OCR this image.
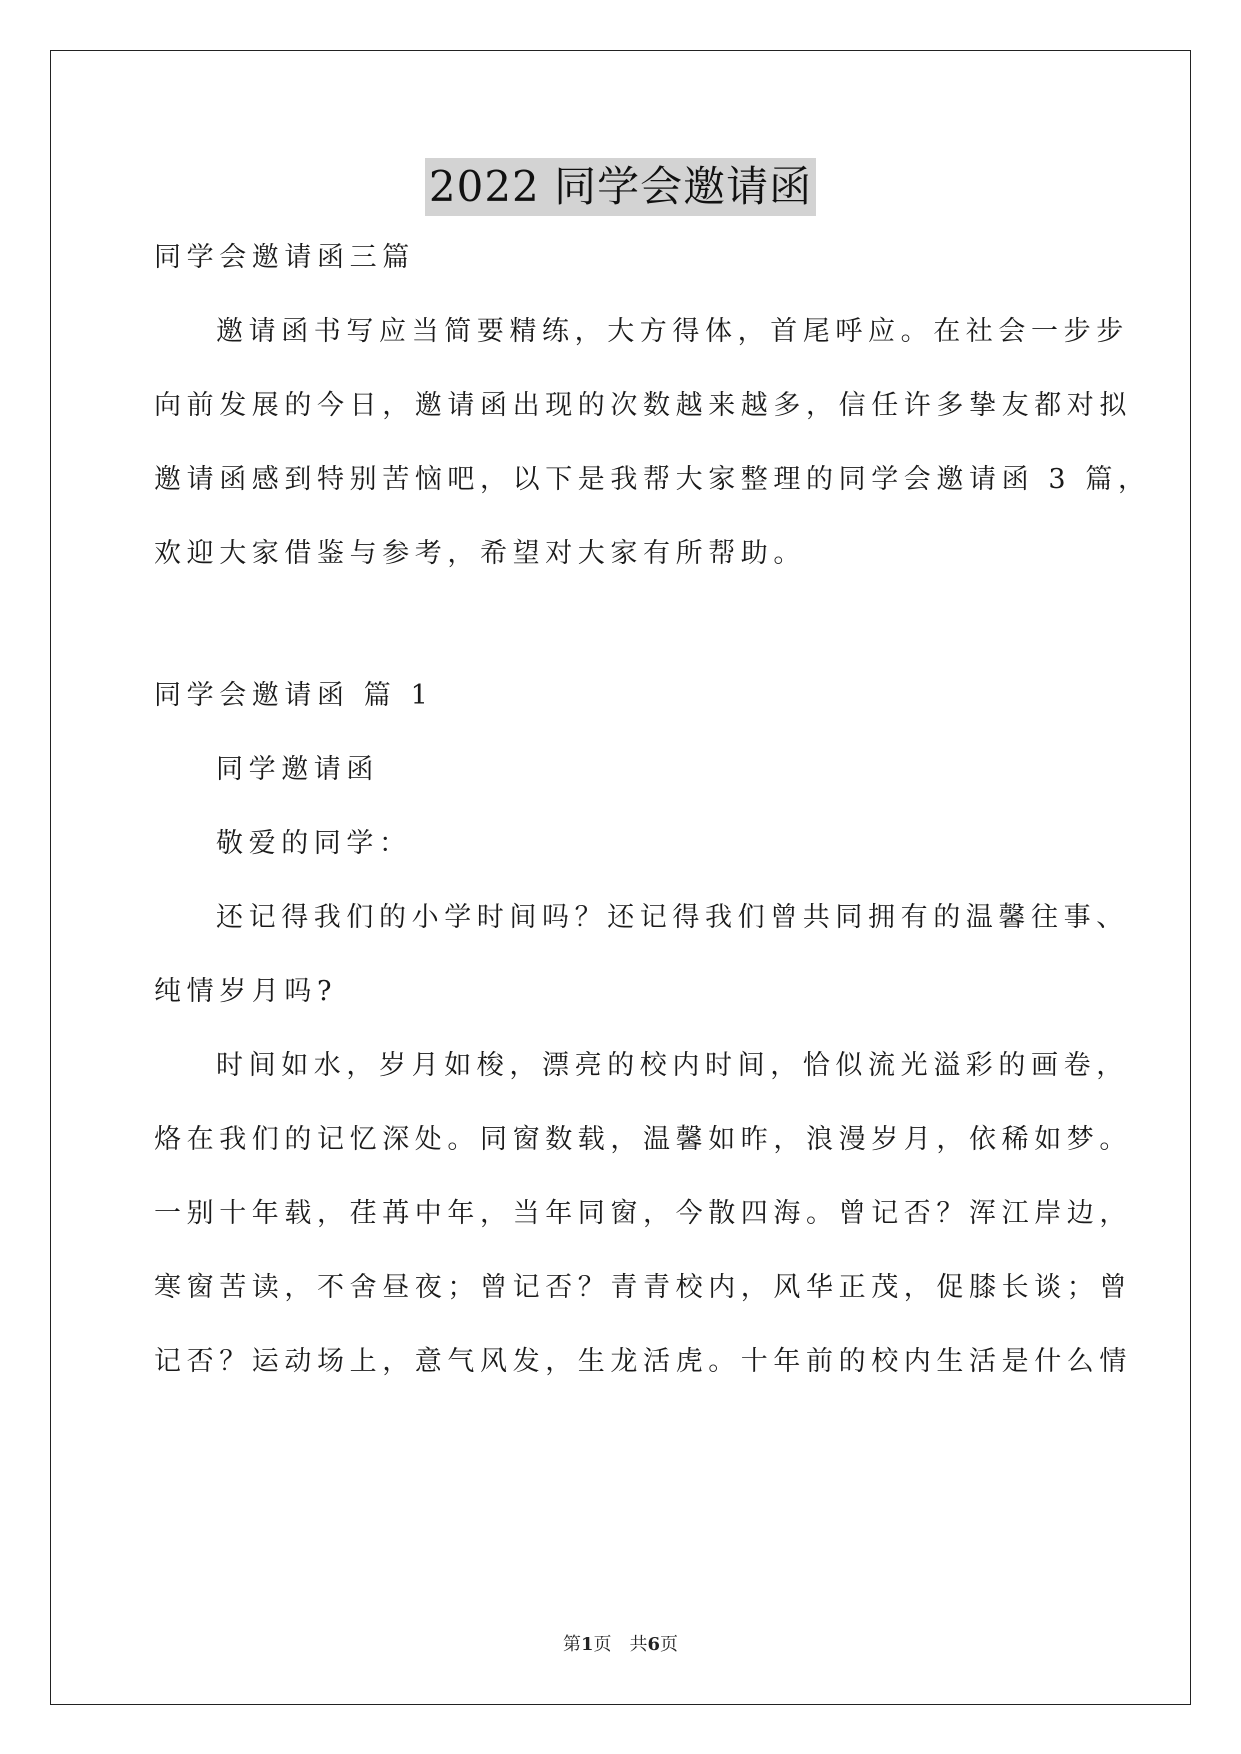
2022 同学会邀请函
同学会邀请函三篇
邀请函书写应当简要精练，大方得体，首尾呼应。在社会一步步
向前发展的今日，邀请函出现的次数越来越多，信任许多挚友都对拟
邀请函感到特别苦恼吧，以下是我帮大家整理的同学会邀请函 3 篇，
欢迎大家借鉴与参考，希望对大家有所帮助。
同学会邀请函 篇 1
同学邀请函
敬爱的同学：
还记得我们的小学时间吗？还记得我们曾共同拥有的温馨往事、
纯情岁月吗?
时间如水，岁月如梭，漂亮的校内时间，恰似流光溢彩的画卷，
烙在我们的记忆深处。同窗数载，温馨如昨，浪漫岁月，依稀如梦。
一别十年载，荏苒中年，当年同窗，今散四海。曾记否？浑江岸边，
寒窗苦读，不舍昼夜；曾记否？青青校内，风华正茂，促膝长谈；曾
记否？运动场上，意气风发，生龙活虎。十年前的校内生活是什么情
第1页　共6页
